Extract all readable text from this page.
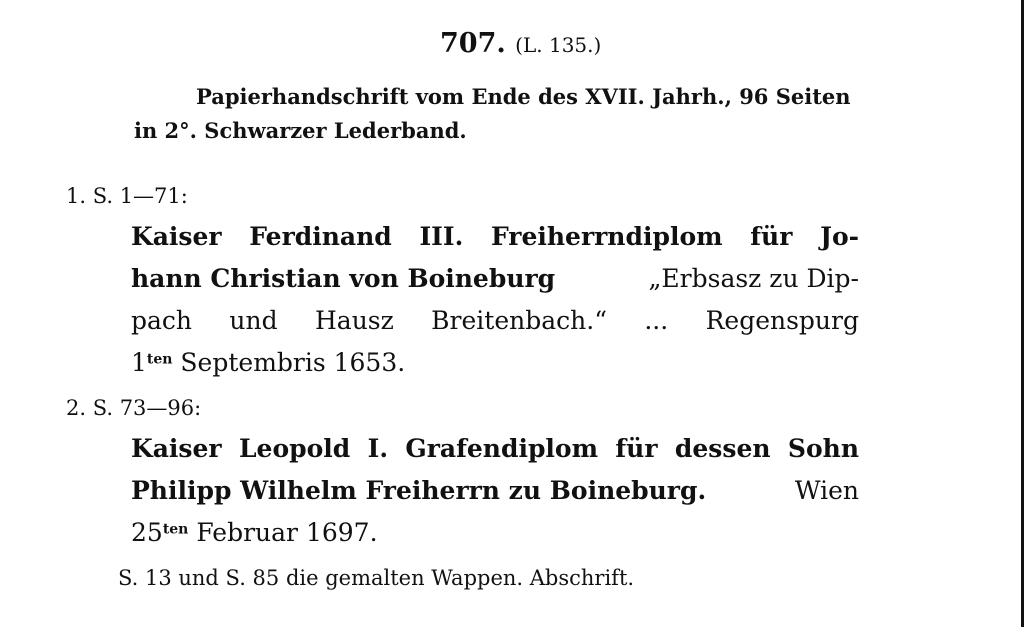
707. (L. 135.)
Papierhandschrift vom Ende des XVII. Jahrh., 96 Seiten
in 2°. Schwarzer Lederband.
1. S. 1—71:
Kaiser Ferdinand III. Freiherrndiplom für Jo-
hann Christian von Boineburg	„Erbsasz zu Dip-
pach und Hausz Breitenbach.“ ... Regenspurg
$1^{ten}$ Septembris 1653.
2. S. 73—96:
Kaiser Leopold I. Grafendiplom für dessen Sohn
Philipp Wilhelm Freiherrn zu Boineburg.	Wien
$25^{ten}$ Februar 1697.
S. 13 und S. 85 die gemalten Wappen. Abschrift.
